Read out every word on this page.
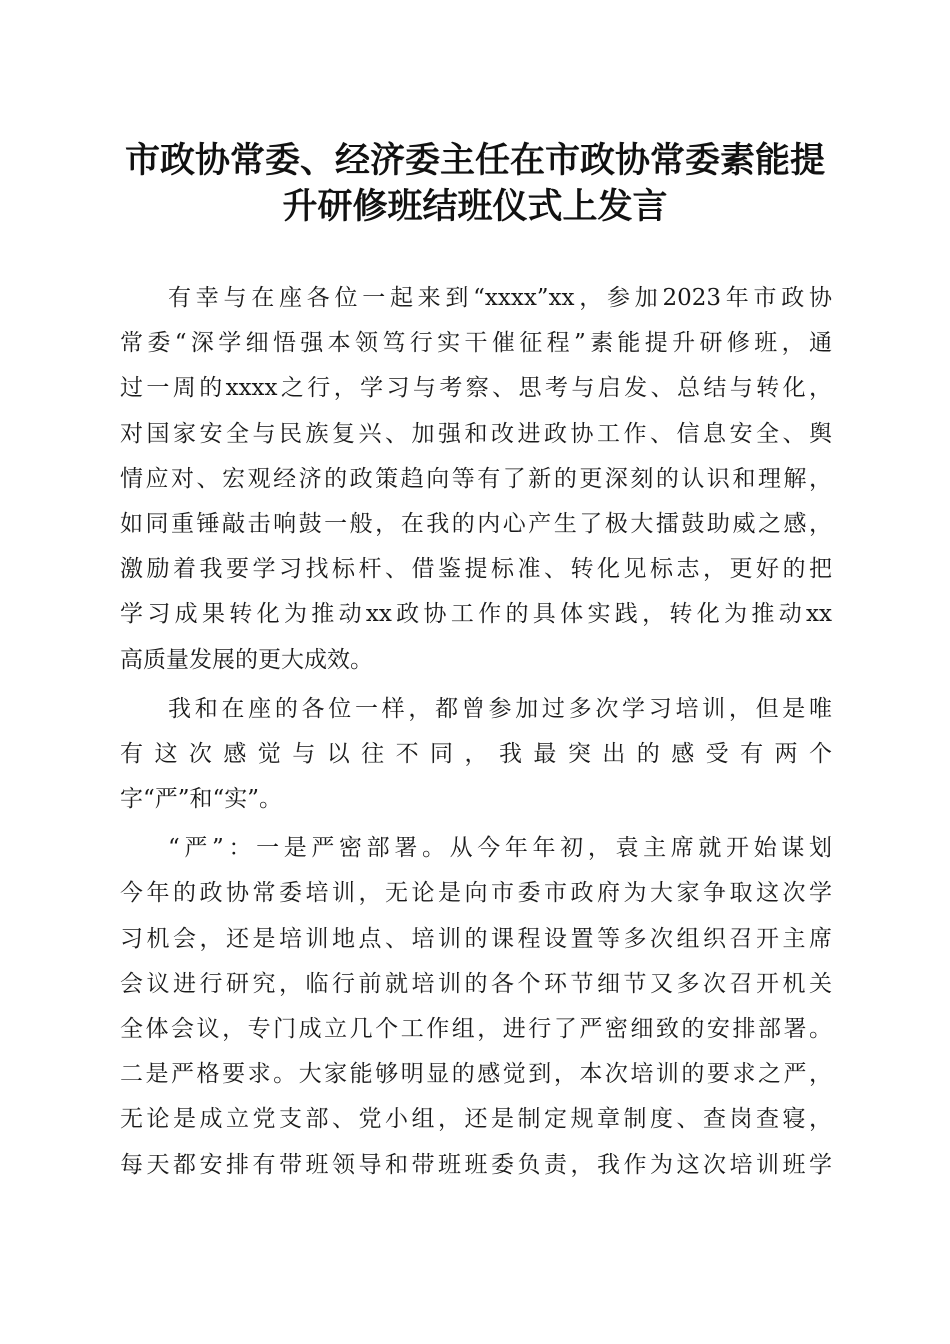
市政协常委、经济委主任在市政协常委素能提
升研修班结班仪式上发言
有幸与在座各位一起来到“xxxx”xx，参加2023年市政协
常委“深学细悟强本领笃行实干催征程”素能提升研修班，通
过一周的xxxx之行，学习与考察、思考与启发、总结与转化，
对国家安全与民族复兴、加强和改进政协工作、信息安全、舆
情应对、宏观经济的政策趋向等有了新的更深刻的认识和理解，
如同重锤敲击响鼓一般，在我的内心产生了极大擂鼓助威之感，
激励着我要学习找标杆、借鉴提标准、转化见标志，更好的把
学习成果转化为推动xx政协工作的具体实践，转化为推动xx
高质量发展的更大成效。
我和在座的各位一样，都曾参加过多次学习培训，但是唯
有这次感觉与以往不同，我最突出的感受有两个
字“严”和“实”。
“严”：一是严密部署。从今年年初，袁主席就开始谋划
今年的政协常委培训，无论是向市委市政府为大家争取这次学
习机会，还是培训地点、培训的课程设置等多次组织召开主席
会议进行研究，临行前就培训的各个环节细节又多次召开机关
全体会议，专门成立几个工作组，进行了严密细致的安排部署。
二是严格要求。大家能够明显的感觉到，本次培训的要求之严，
无论是成立党支部、党小组，还是制定规章制度、查岗查寝，
每天都安排有带班领导和带班班委负责，我作为这次培训班学
